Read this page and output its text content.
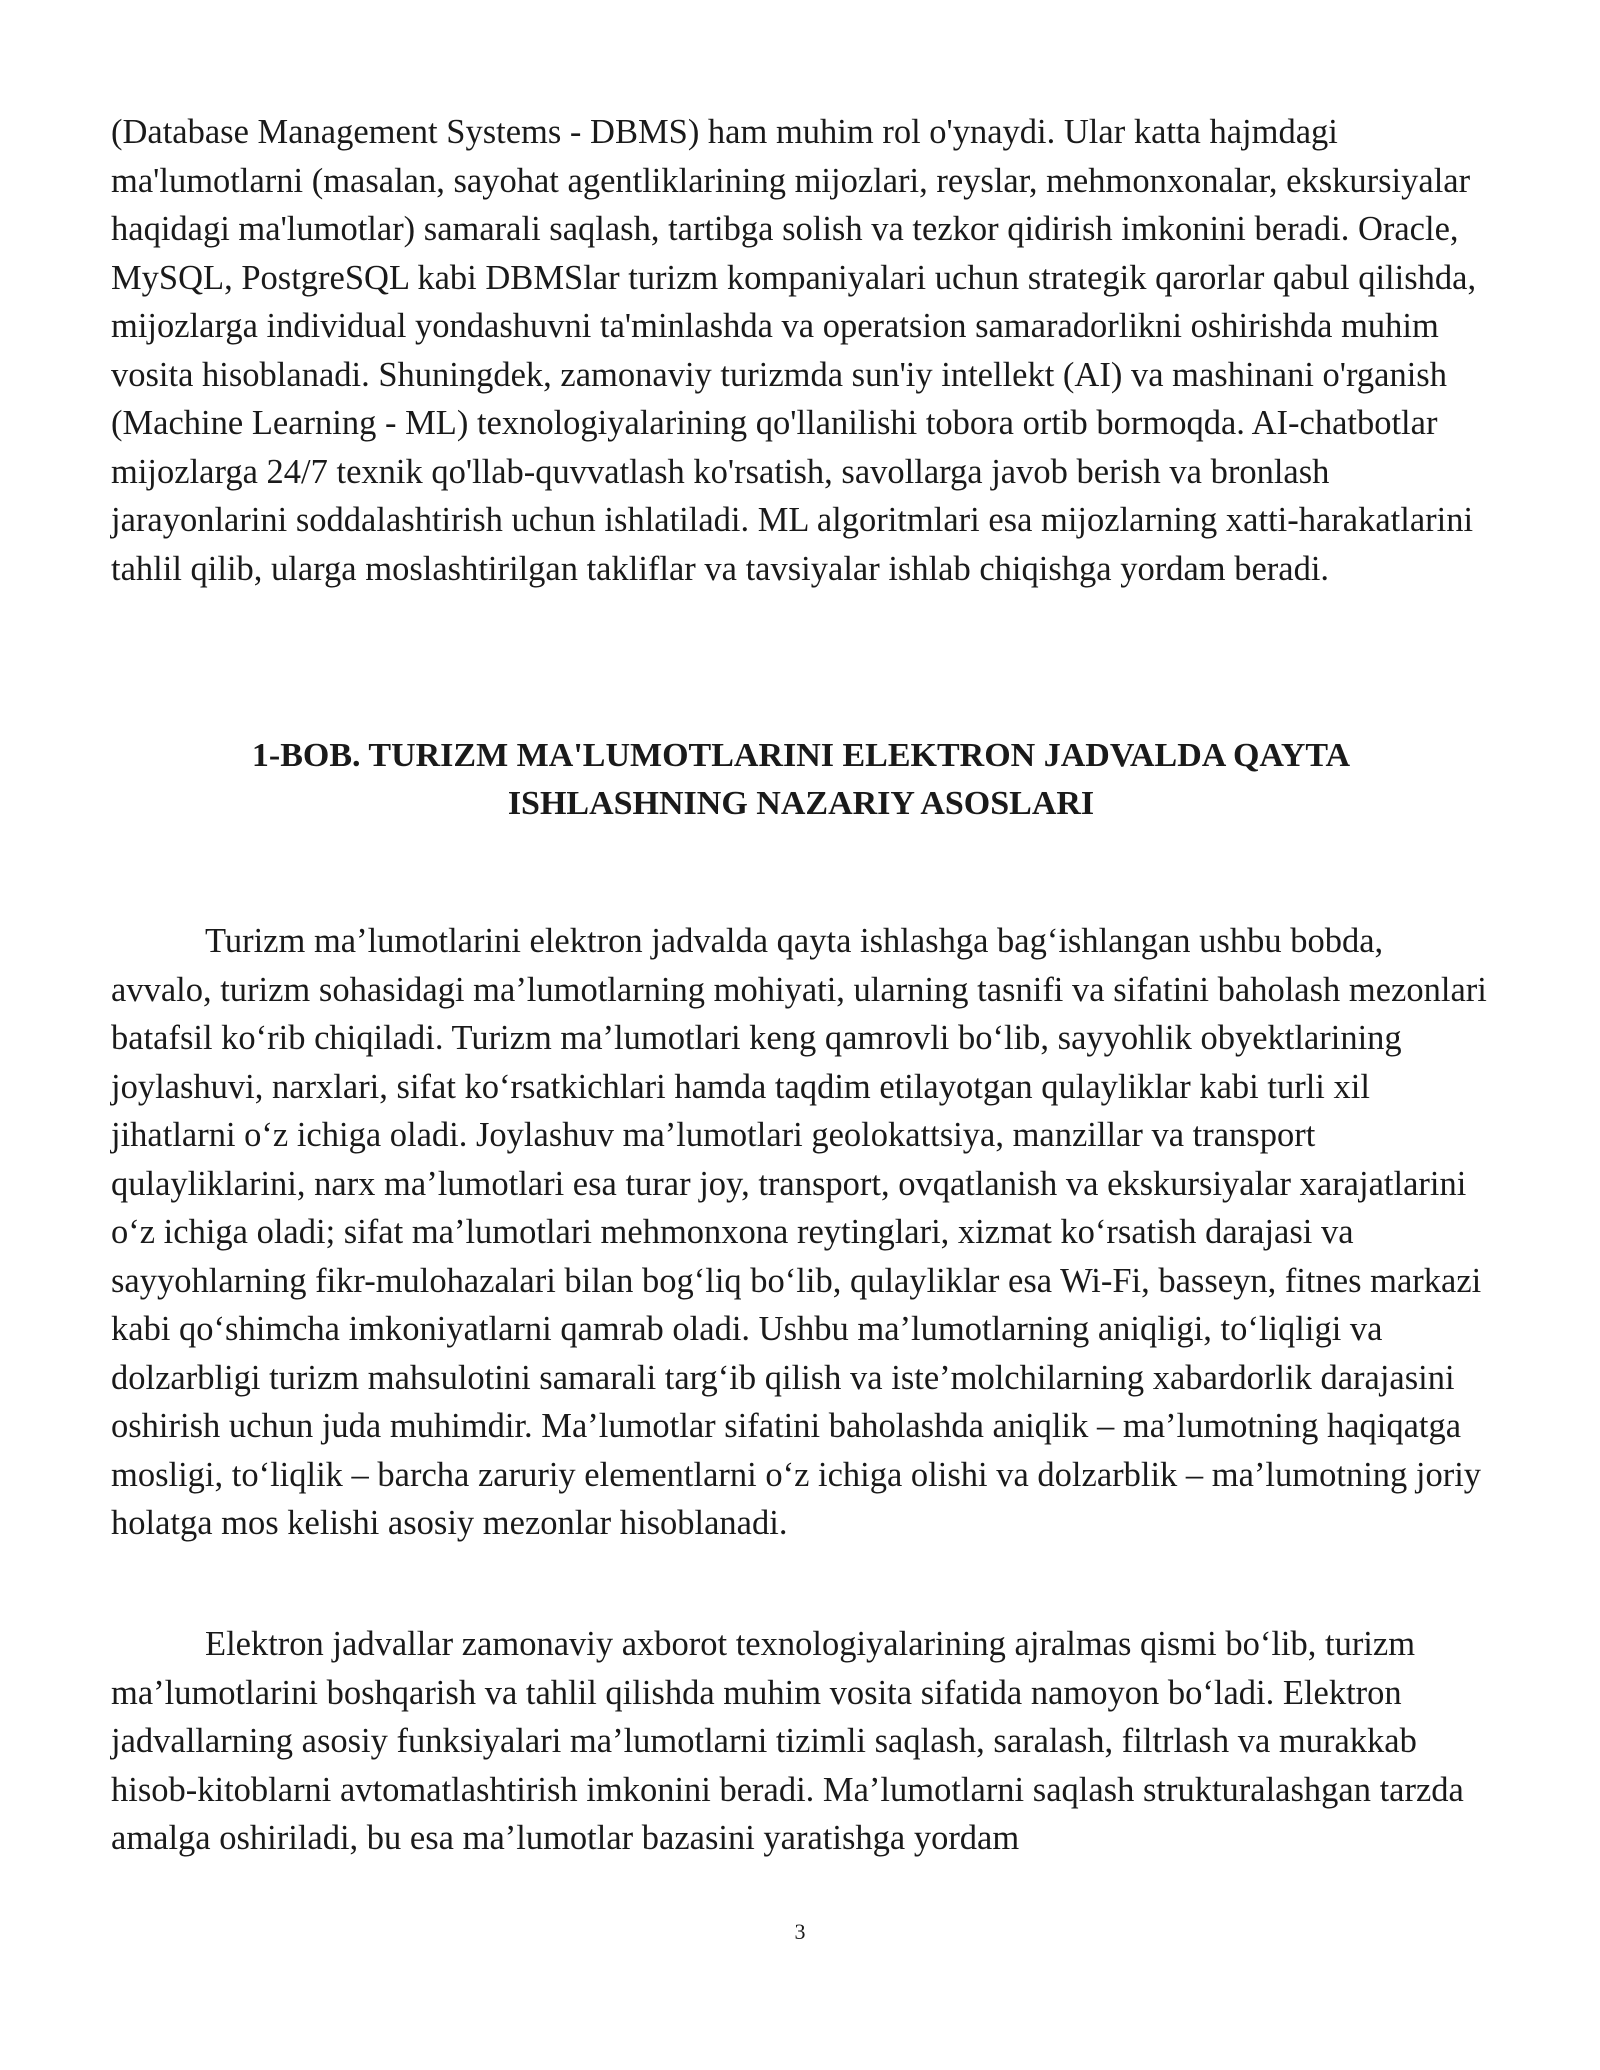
(Database Management Systems - DBMS) ham muhim rol o'ynaydi. Ular katta hajmdagi ma'lumotlarni (masalan, sayohat agentliklarining mijozlari, reyslar, mehmonxonalar, ekskursiyalar haqidagi ma'lumotlar) samarali saqlash, tartibga solish va tezkor qidirish imkonini beradi. Oracle, MySQL, PostgreSQL kabi DBMSlar turizm kompaniyalari uchun strategik qarorlar qabul qilishda, mijozlarga individual yondashuvni ta'minlashda va operatsion samaradorlikni oshirishda muhim vosita hisoblanadi. Shuningdek, zamonaviy turizmda sun'iy intellekt (AI) va mashinani o'rganish (Machine Learning - ML) texnologiyalarining qo'llanilishi tobora ortib bormoqda. AI-chatbotlar mijozlarga 24/7 texnik qo'llab-quvvatlash ko'rsatish, savollarga javob berish va bronlash jarayonlarini soddalashtirish uchun ishlatiladi. ML algoritmlari esa mijozlarning xatti-harakatlarini tahlil qilib, ularga moslashtirilgan takliflar va tavsiyalar ishlab chiqishga yordam beradi.

1-BOB. TURIZM MA'LUMOTLARINI ELEKTRON JADVALDA QAYTA
ISHLASHNING NAZARIY ASOSLARI

Turizm ma’lumotlarini elektron jadvalda qayta ishlashga bag‘ishlangan ushbu bobda, avvalo, turizm sohasidagi ma’lumotlarning mohiyati, ularning tasnifi va sifatini baholash mezonlari batafsil ko‘rib chiqiladi. Turizm ma’lumotlari keng qamrovli bo‘lib, sayyohlik obyektlarining joylashuvi, narxlari, sifat ko‘rsatkichlari hamda taqdim etilayotgan qulayliklar kabi turli xil jihatlarni o‘z ichiga oladi. Joylashuv ma’lumotlari geolokattsiya, manzillar va transport qulayliklarini, narx ma’lumotlari esa turar joy, transport, ovqatlanish va ekskursiyalar xarajatlarini o‘z ichiga oladi; sifat ma’lumotlari mehmonxona reytinglari, xizmat ko‘rsatish darajasi va sayyohlarning fikr-mulohazalari bilan bog‘liq bo‘lib, qulayliklar esa Wi-Fi, basseyn, fitnes markazi kabi qo‘shimcha imkoniyatlarni qamrab oladi. Ushbu ma’lumotlarning aniqligi, to‘liqligi va dolzarbligi turizm mahsulotini samarali targ‘ib qilish va iste’molchilarning xabardorlik darajasini oshirish uchun juda muhimdir. Ma’lumotlar sifatini baholashda aniqlik – ma’lumotning haqiqatga mosligi, to‘liqlik – barcha zaruriy elementlarni o‘z ichiga olishi va dolzarblik – ma’lumotning joriy holatga mos kelishi asosiy mezonlar hisoblanadi.

Elektron jadvallar zamonaviy axborot texnologiyalarining ajralmas qismi bo‘lib, turizm ma’lumotlarini boshqarish va tahlil qilishda muhim vosita sifatida namoyon bo‘ladi. Elektron jadvallarning asosiy funksiyalari ma’lumotlarni tizimli saqlash, saralash, filtrlash va murakkab hisob-kitoblarni avtomatlashtirish imkonini beradi. Ma’lumotlarni saqlash strukturalashgan tarzda amalga oshiriladi, bu esa ma’lumotlar bazasini yaratishga yordam

3
